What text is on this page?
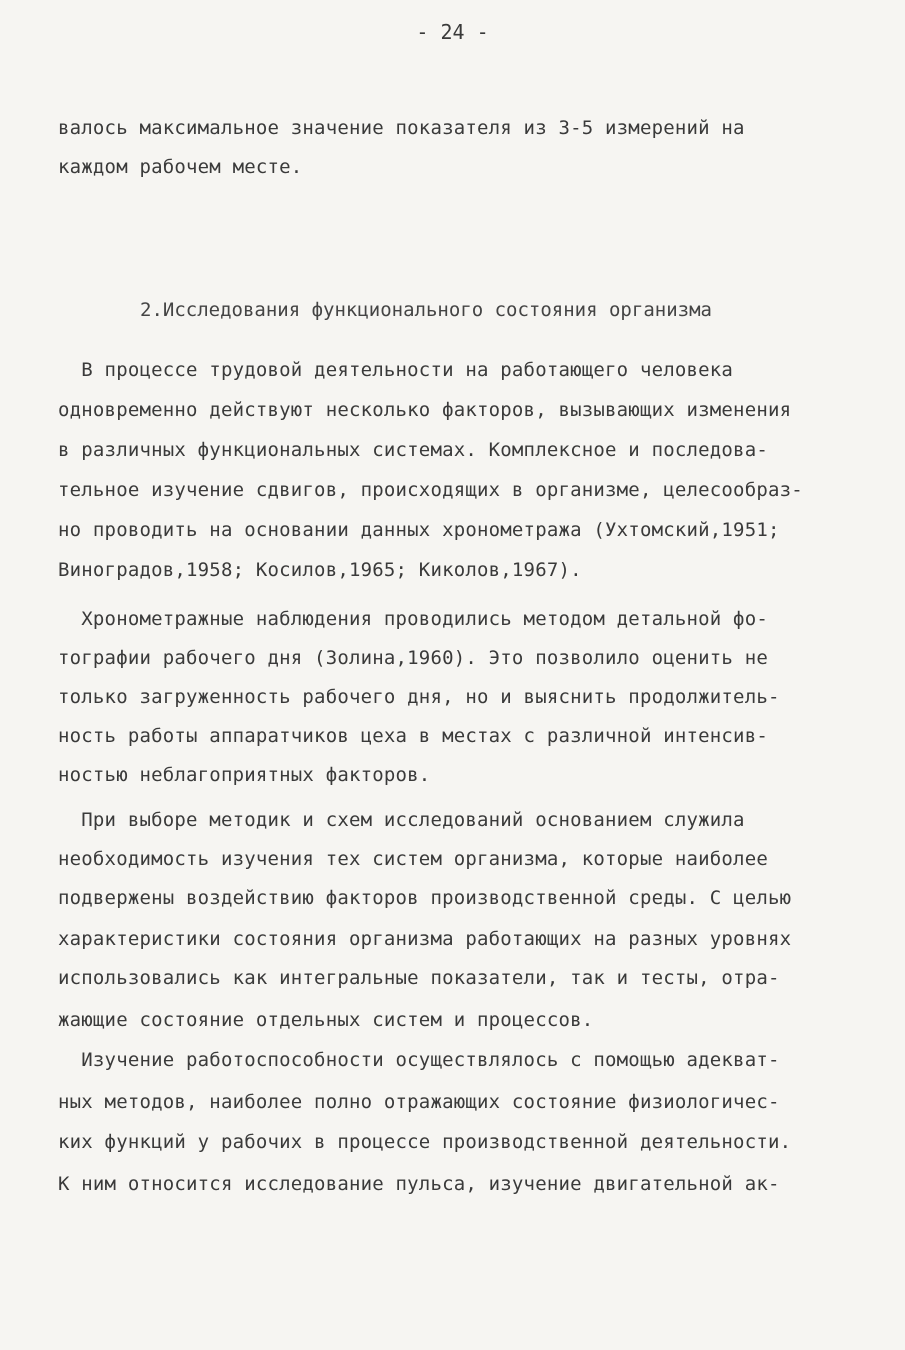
- 24 -
валось максимальное значение показателя из 3-5 измерений на
каждом рабочем месте.
2.Исследования функционального состояния организма
В процессе трудовой деятельности на работающего человека
одновременно действуют несколько факторов, вызывающих изменения
в различных функциональных системах. Комплексное и последова-
тельное изучение сдвигов, происходящих в организме, целесообраз-
но проводить на основании данных хронометража (Ухтомский,1951;
Виноградов,1958; Косилов,1965; Киколов,1967).
Хронометражные наблюдения проводились методом детальной фо-
тографии рабочего дня (Золина,1960). Это позволило оценить не
только загруженность рабочего дня, но и выяснить продолжитель-
ность работы аппаратчиков цеха в местах с различной интенсив-
ностью неблагоприятных факторов.
При выборе методик и схем исследований основанием служила
необходимость изучения тех систем организма, которые наиболее
подвержены воздействию факторов производственной среды. С целью
характеристики состояния организма работающих на разных уровнях
использовались как интегральные показатели, так и тесты, отра-
жающие состояние отдельных систем и процессов.
Изучение работоспособности осуществлялось с помощью адекват-
ных методов, наиболее полно отражающих состояние физиологичес-
ких функций у рабочих в процессе производственной деятельности.
К ним относится исследование пульса, изучение двигательной ак-
